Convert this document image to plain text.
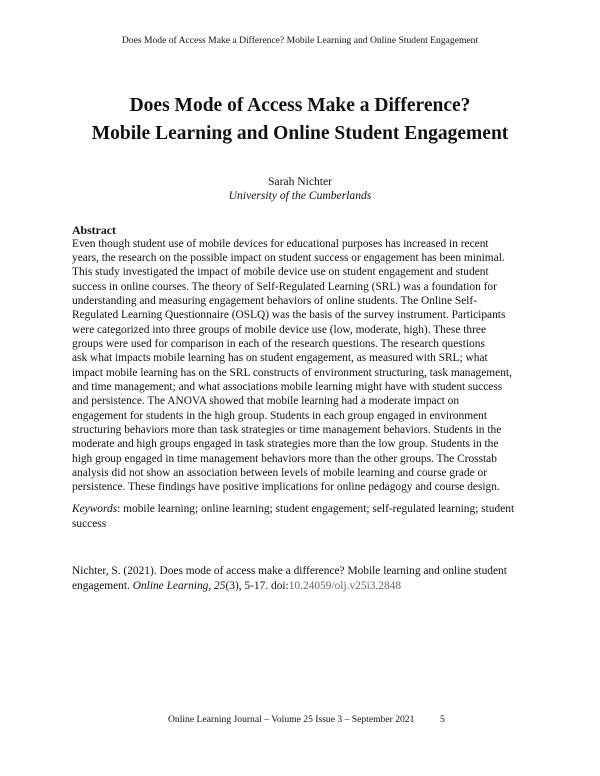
Does Mode of Access Make a Difference? Mobile Learning and Online Student Engagement
Does Mode of Access Make a Difference?
Mobile Learning and Online Student Engagement
Sarah Nichter
University of the Cumberlands
Abstract
Even though student use of mobile devices for educational purposes has increased in recent
years, the research on the possible impact on student success or engagement has been minimal.
This study investigated the impact of mobile device use on student engagement and student
success in online courses. The theory of Self-Regulated Learning (SRL) was a foundation for
understanding and measuring engagement behaviors of online students. The Online Self-
Regulated Learning Questionnaire (OSLQ) was the basis of the survey instrument. Participants
were categorized into three groups of mobile device use (low, moderate, high). These three
groups were used for comparison in each of the research questions. The research questions
ask what impacts mobile learning has on student engagement, as measured with SRL; what
impact mobile learning has on the SRL constructs of environment structuring, task management,
and time management; and what associations mobile learning might have with student success
and persistence. The ANOVA showed that mobile learning had a moderate impact on
engagement for students in the high group. Students in each group engaged in environment
structuring behaviors more than task strategies or time management behaviors. Students in the
moderate and high groups engaged in task strategies more than the low group. Students in the
high group engaged in time management behaviors more than the other groups. The Crosstab
analysis did not show an association between levels of mobile learning and course grade or
persistence. These findings have positive implications for online pedagogy and course design.
Keywords: mobile learning; online learning; student engagement; self-regulated learning; student
success
Nichter, S. (2021). Does mode of access make a difference? Mobile learning and online student
engagement. Online Learning, 25(3), 5-17. doi:10.24059/olj.v25i3.2848
Online Learning Journal – Volume 25 Issue 3 – September 2021	5
